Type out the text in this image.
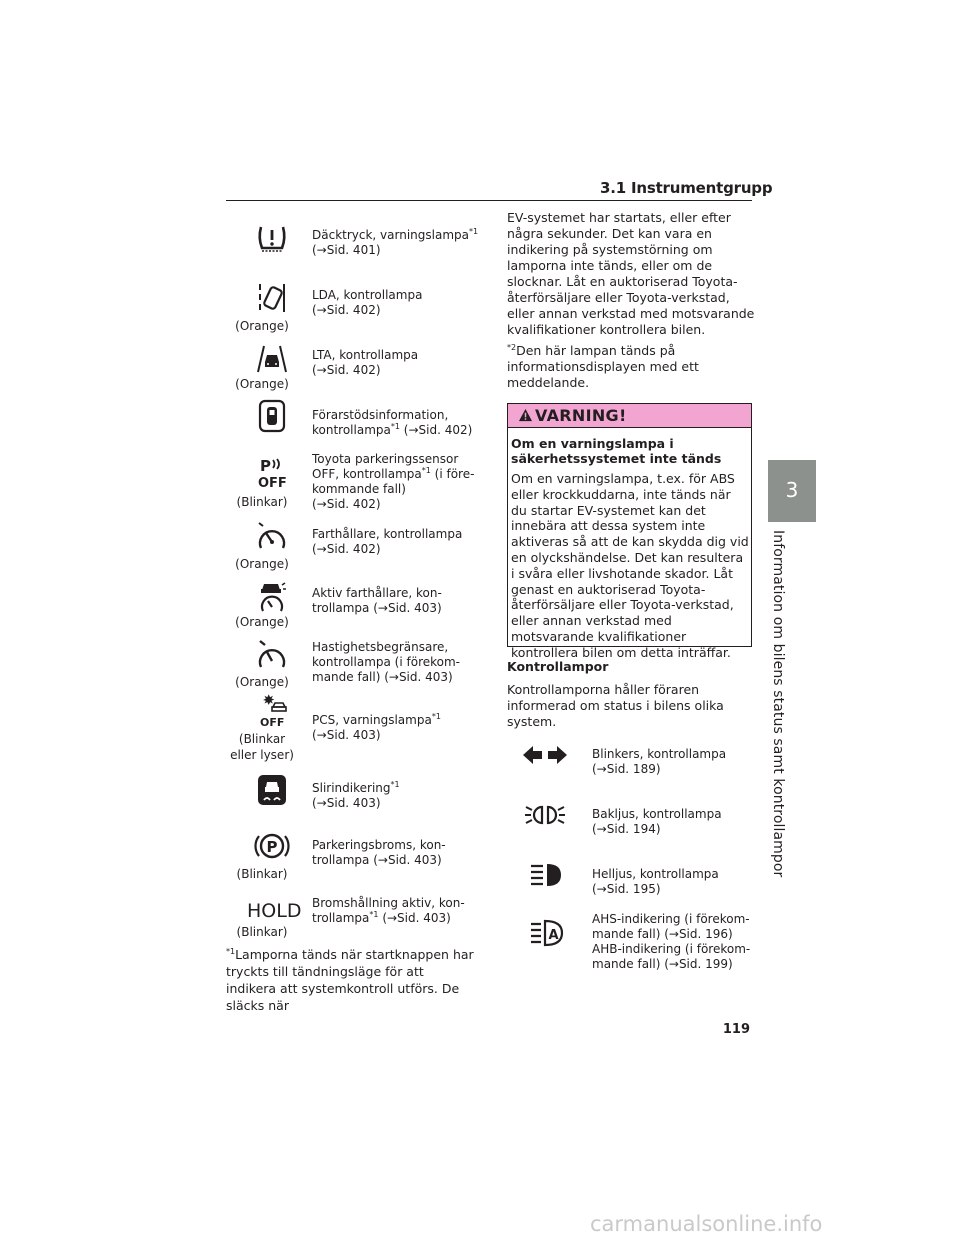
3.1 Instrumentgrupp
3
Information om bilens status samt kontrollampor
Däcktryck, varningslampa$^{*1}$
(→Sid. 401)
(Orange)
LDA, kontrollampa
(→Sid. 402)
(Orange)
LTA, kontrollampa
(→Sid. 402)
Förarstödsinformation,
kontrollampa$^{*1}$ (→Sid. 402)
P
OFF
(Blinkar)
Toyota parkeringssensor
OFF, kontrollampa$^{*1}$ (i före-
kommande fall)
(→Sid. 402)
(Orange)
Farthållare, kontrollampa
(→Sid. 402)
(Orange)
Aktiv farthållare, kon-
trollampa (→Sid. 403)
(Orange)
Hastighetsbegränsare,
kontrollampa (i förekom-
mande fall) (→Sid. 403)
OFF
(Blinkar eller lyser)
PCS, varningslampa$^{*1}$
(→Sid. 403)
Slirindikering$^{*1}$
(→Sid. 403)
P
(Blinkar)
Parkeringsbroms, kon-
trollampa (→Sid. 403)
HOLD
(Blinkar)
Bromshållning aktiv, kon-
trollampa$^{*1}$ (→Sid. 403)
$^{*1}$Lamporna tänds när startknappen har tryckts till tändningsläge för att indikera att systemkontroll utförs. De släcks när
EV-systemet har startats, eller efter några sekunder. Det kan vara en indikering på systemstörning om lamporna inte tänds, eller om de slocknar. Låt en auktoriserad Toyota-återförsäljare eller Toyota-verkstad, eller annan verkstad med motsvarande kvalifikationer kontrollera bilen.
$^{*2}$Den här lampan tänds på informationsdisplayen med ett meddelande.
VARNING!
Om en varningslampa i säkerhetssystemet inte tänds
Om en varningslampa, t.ex. för ABS eller krockkuddarna, inte tänds när du startar EV-systemet kan det innebära att dessa system inte aktiveras så att de kan skydda dig vid en olyckshändelse. Det kan resultera i svåra eller livshotande skador. Låt genast en auktoriserad Toyota-återförsäljare eller Toyota-verkstad, eller annan verkstad med motsvarande kvalifikationer kontrollera bilen om detta inträffar.
Kontrollampor
Kontrollamporna håller föraren informerad om status i bilens olika system.
Blinkers, kontrollampa
(→Sid. 189)
Bakljus, kontrollampa
(→Sid. 194)
Helljus, kontrollampa
(→Sid. 195)
A
AHS-indikering (i förekom-
mande fall) (→Sid. 196)
AHB-indikering (i förekom-
mande fall) (→Sid. 199)
119
carmanualsonline.info
